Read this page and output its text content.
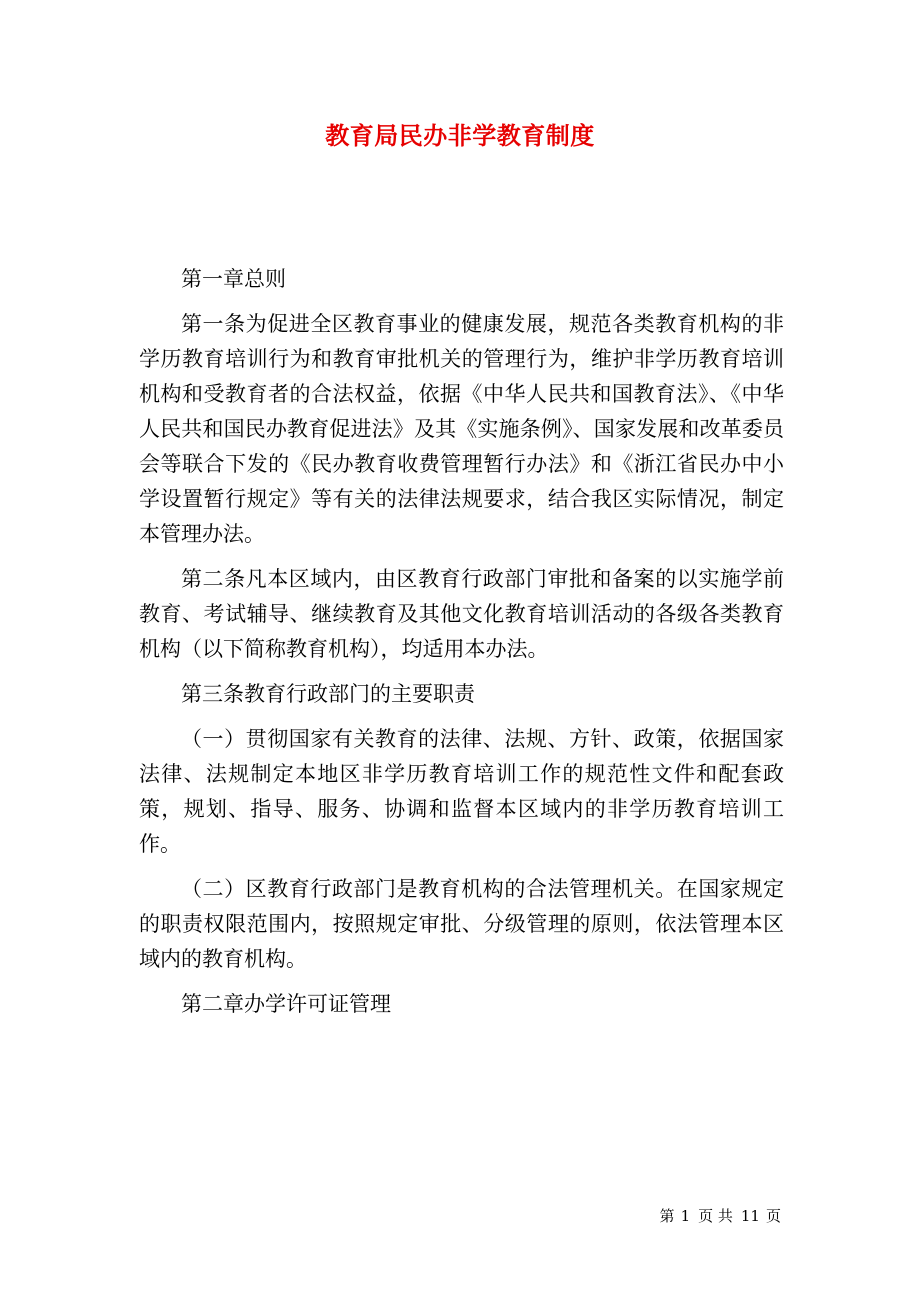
教育局民办非学教育制度

第一章总则

第一条为促进全区教育事业的健康发展，规范各类教育机构的非学历教育培训行为和教育审批机关的管理行为，维护非学历教育培训机构和受教育者的合法权益，依据《中华人民共和国教育法》、《中华人民共和国民办教育促进法》及其《实施条例》、国家发展和改革委员会等联合下发的《民办教育收费管理暂行办法》和《浙江省民办中小学设置暂行规定》等有关的法律法规要求，结合我区实际情况，制定本管理办法。

第二条凡本区域内，由区教育行政部门审批和备案的以实施学前教育、考试辅导、继续教育及其他文化教育培训活动的各级各类教育机构（以下简称教育机构），均适用本办法。

第三条教育行政部门的主要职责

（一）贯彻国家有关教育的法律、法规、方针、政策，依据国家法律、法规制定本地区非学历教育培训工作的规范性文件和配套政策，规划、指导、服务、协调和监督本区域内的非学历教育培训工作。

（二）区教育行政部门是教育机构的合法管理机关。在国家规定的职责权限范围内，按照规定审批、分级管理的原则，依法管理本区域内的教育机构。

第二章办学许可证管理

第 1 页 共 11 页
